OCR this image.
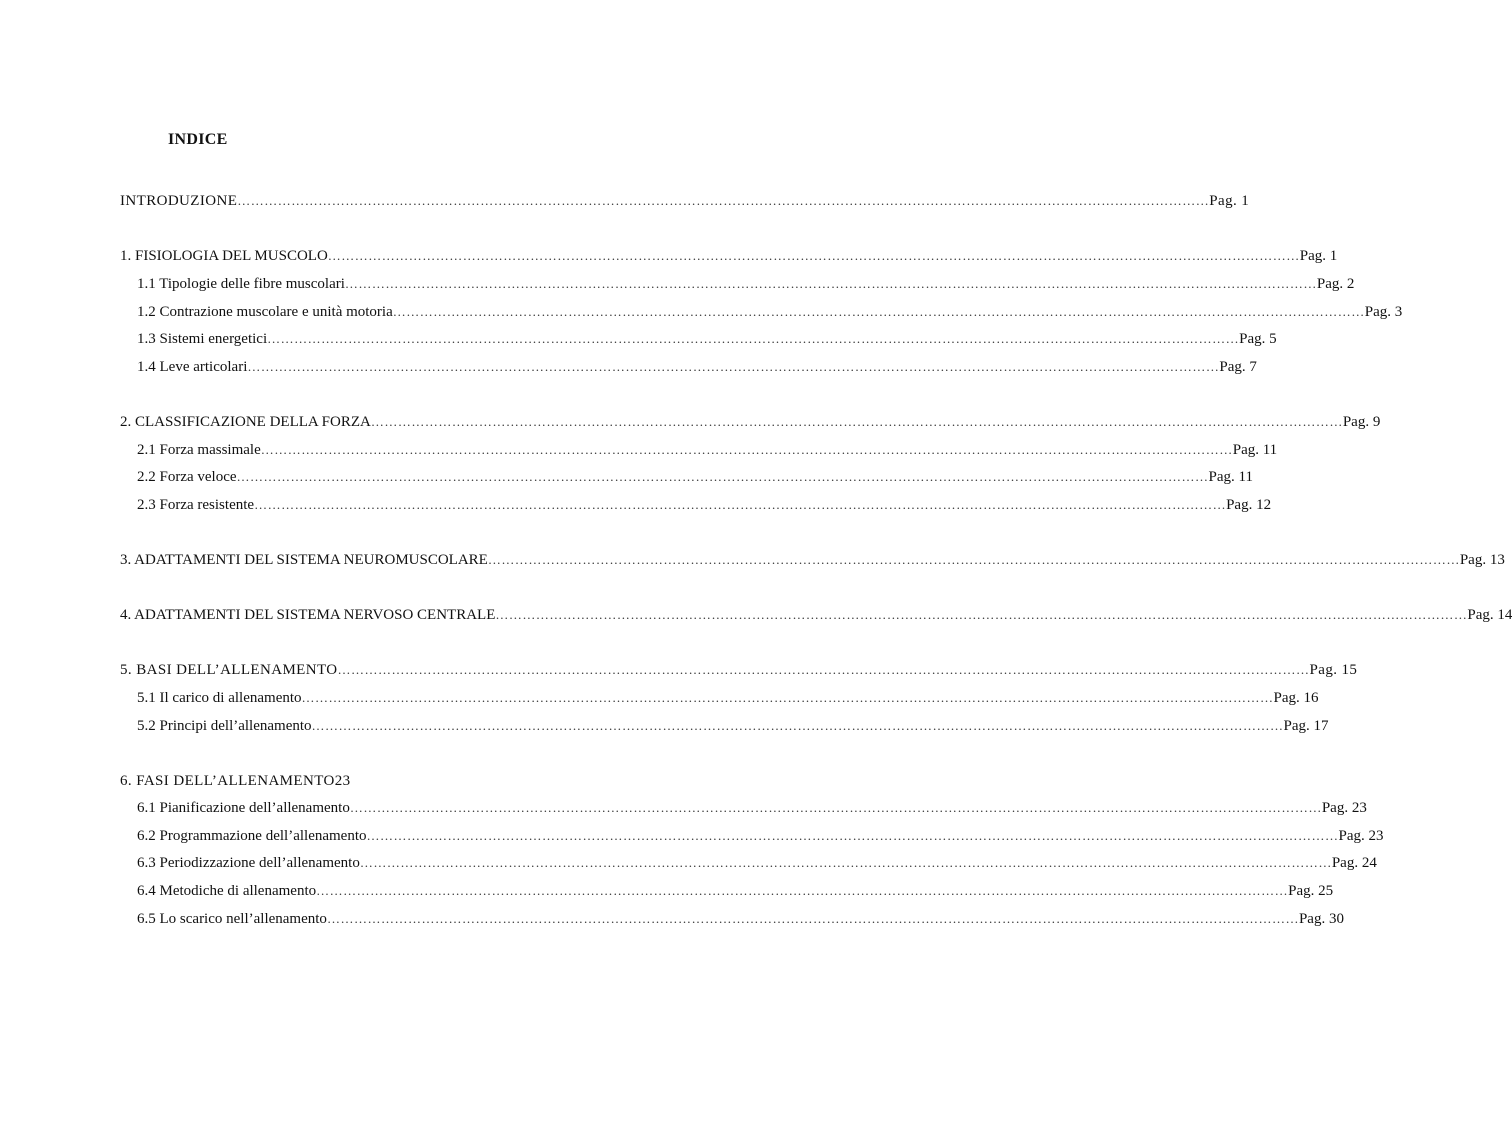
INDICE
INTRODUZIONE ……………………………………………………………………………………………………………………………………………………………………………………………… Pag. 1
1. FISIOLOGIA DEL MUSCOLO ……………………………………………………………………………………………………………………………………………………………………………………………… Pag. 1
1.1 Tipologie delle fibre muscolari ……………………………………………………………………………………………………………………………………………………………………………………………… Pag. 2
1.2 Contrazione muscolare e unità motoria ……………………………………………………………………………………………………………………………………………………………………………………………… Pag. 3
1.3 Sistemi energetici ……………………………………………………………………………………………………………………………………………………………………………………………… Pag. 5
1.4 Leve articolari ……………………………………………………………………………………………………………………………………………………………………………………………… Pag. 7
2. CLASSIFICAZIONE DELLA FORZA ……………………………………………………………………………………………………………………………………………………………………………………………… Pag. 9
2.1 Forza massimale ……………………………………………………………………………………………………………………………………………………………………………………………… Pag. 11
2.2 Forza veloce ……………………………………………………………………………………………………………………………………………………………………………………………… Pag. 11
2.3 Forza resistente ……………………………………………………………………………………………………………………………………………………………………………………………… Pag. 12
3. ADATTAMENTI DEL SISTEMA NEUROMUSCOLARE ……………………………………………………………………………………………………………………………………………………………………………………………… Pag. 13
4. ADATTAMENTI DEL SISTEMA NERVOSO CENTRALE ……………………………………………………………………………………………………………………………………………………………………………………………… Pag. 14
5. BASI DELL’ALLENAMENTO ……………………………………………………………………………………………………………………………………………………………………………………………… Pag. 15
5.1 Il carico di allenamento ……………………………………………………………………………………………………………………………………………………………………………………………… Pag. 16
5.2 Principi dell’allenamento ……………………………………………………………………………………………………………………………………………………………………………………………… Pag. 17
6. FASI DELL’ALLENAMENTO23
6.1 Pianificazione dell’allenamento ……………………………………………………………………………………………………………………………………………………………………………………………… Pag. 23
6.2 Programmazione dell’allenamento ……………………………………………………………………………………………………………………………………………………………………………………………… Pag. 23
6.3 Periodizzazione dell’allenamento ……………………………………………………………………………………………………………………………………………………………………………………………… Pag. 24
6.4 Metodiche di allenamento ……………………………………………………………………………………………………………………………………………………………………………………………… Pag. 25
6.5 Lo scarico nell’allenamento ……………………………………………………………………………………………………………………………………………………………………………………………… Pag. 30
